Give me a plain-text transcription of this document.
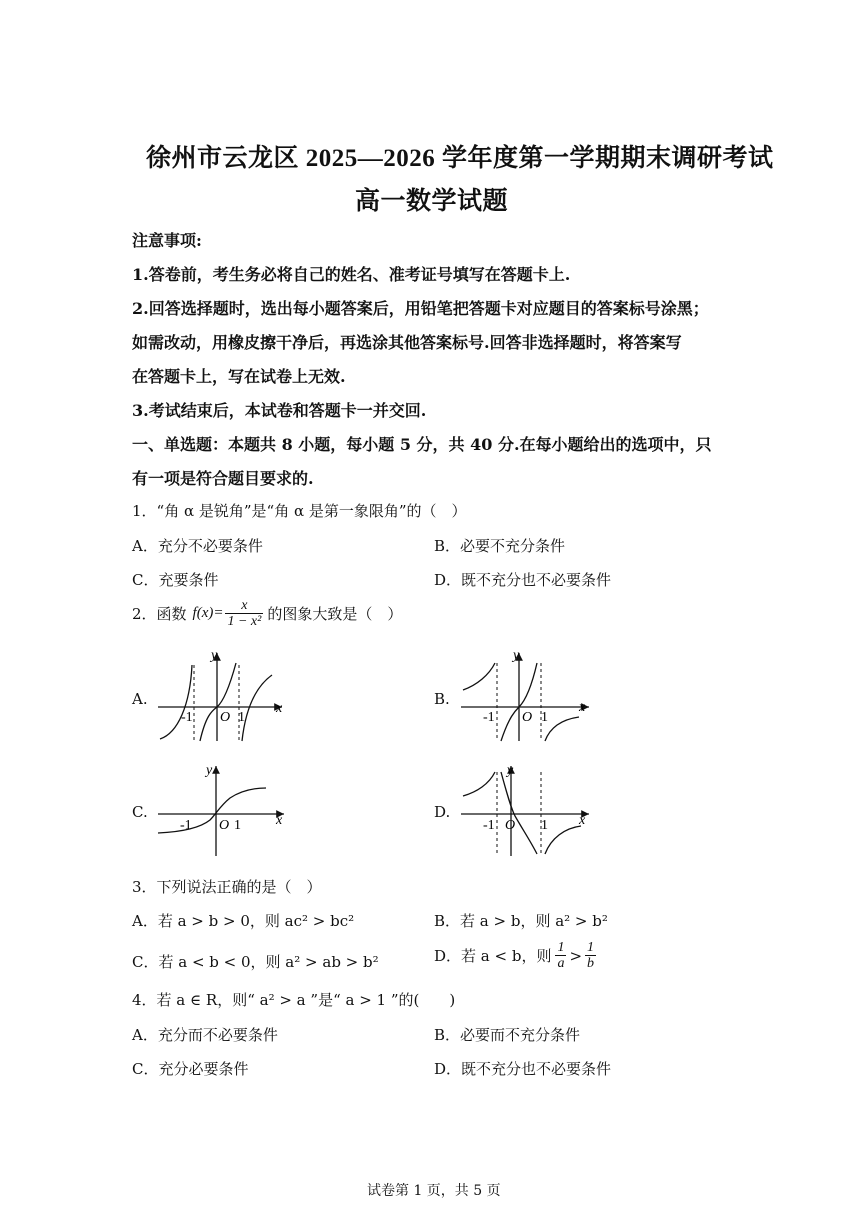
徐州市云龙区 2025—2026 学年度第一学期期末调研考试
高一数学试题
注意事项:
1.答卷前，考生务必将自己的姓名、准考证号填写在答题卡上.
2.回答选择题时，选出每小题答案后，用铅笔把答题卡对应题目的答案标号涂黑；
如需改动，用橡皮擦干净后，再选涂其他答案标号.回答非选择题时，将答案写
在答题卡上，写在试卷上无效.
3.考试结束后，本试卷和答题卡一并交回.
一、单选题：本题共 8 小题，每小题 5 分，共 40 分.在每小题给出的选项中，只
有一项是符合题目要求的.
1．“角 α 是锐角”是“角 α 是第一象限角”的（　）
A．充分不必要条件	B．必要不充分条件
C．充要条件	D．既不充分也不必要条件
2．函数 $f(x)= \frac{x}{\text{1 − x²}}$ 的图象大致是（　）
A.	B.
C.	D.
y
x
O
-1	1
y
x
O
-1	1
y
x
O
-1	1
y
x
O
-1	1
3．下列说法正确的是（　）
A．若 a > b > 0，则 ac² > bc²	B．若 a > b，则 a² > b²
C．若 a < b < 0，则 a² > ab > b²	D．若 a < b，则 $\frac{1}{a} > \frac{1}{b}$
4．若 a ∈ R，则“ a² > a ”是“ a > 1 ”的(　　)
A．充分而不必要条件	B．必要而不充分条件
C．充分必要条件	D．既不充分也不必要条件
试卷第 1 页，共 5 页
